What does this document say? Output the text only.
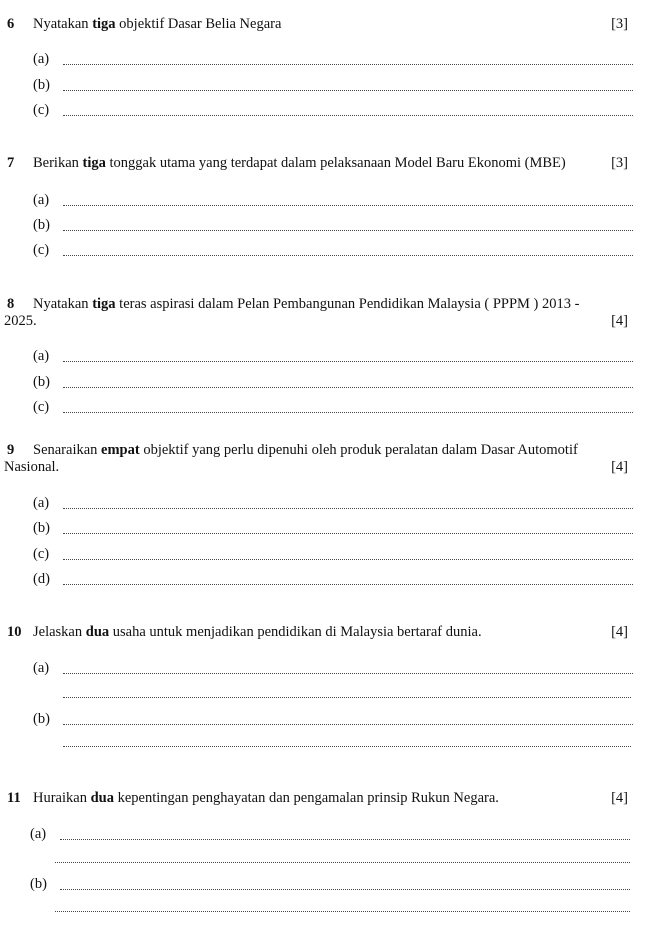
6 Nyatakan tiga objektif Dasar Belia Negara	[3]
(a)
(b)
(c)
7 Berikan tiga tonggak utama yang terdapat dalam pelaksanaan Model Baru Ekonomi (MBE)	[3]
(a)
(b)
(c)
8 Nyatakan tiga teras aspirasi dalam Pelan Pembangunan Pendidikan Malaysia ( PPPM ) 2013 -
2025.	[4]
(a)
(b)
(c)
9 Senaraikan empat objektif yang perlu dipenuhi oleh produk peralatan dalam Dasar Automotif
Nasional.	[4]
(a)
(b)
(c)
(d)
10 Jelaskan dua usaha untuk menjadikan pendidikan di Malaysia bertaraf dunia.	[4]
(a)
(b)
11 Huraikan dua kepentingan penghayatan dan pengamalan prinsip Rukun Negara.	[4]
(a)
(b)
